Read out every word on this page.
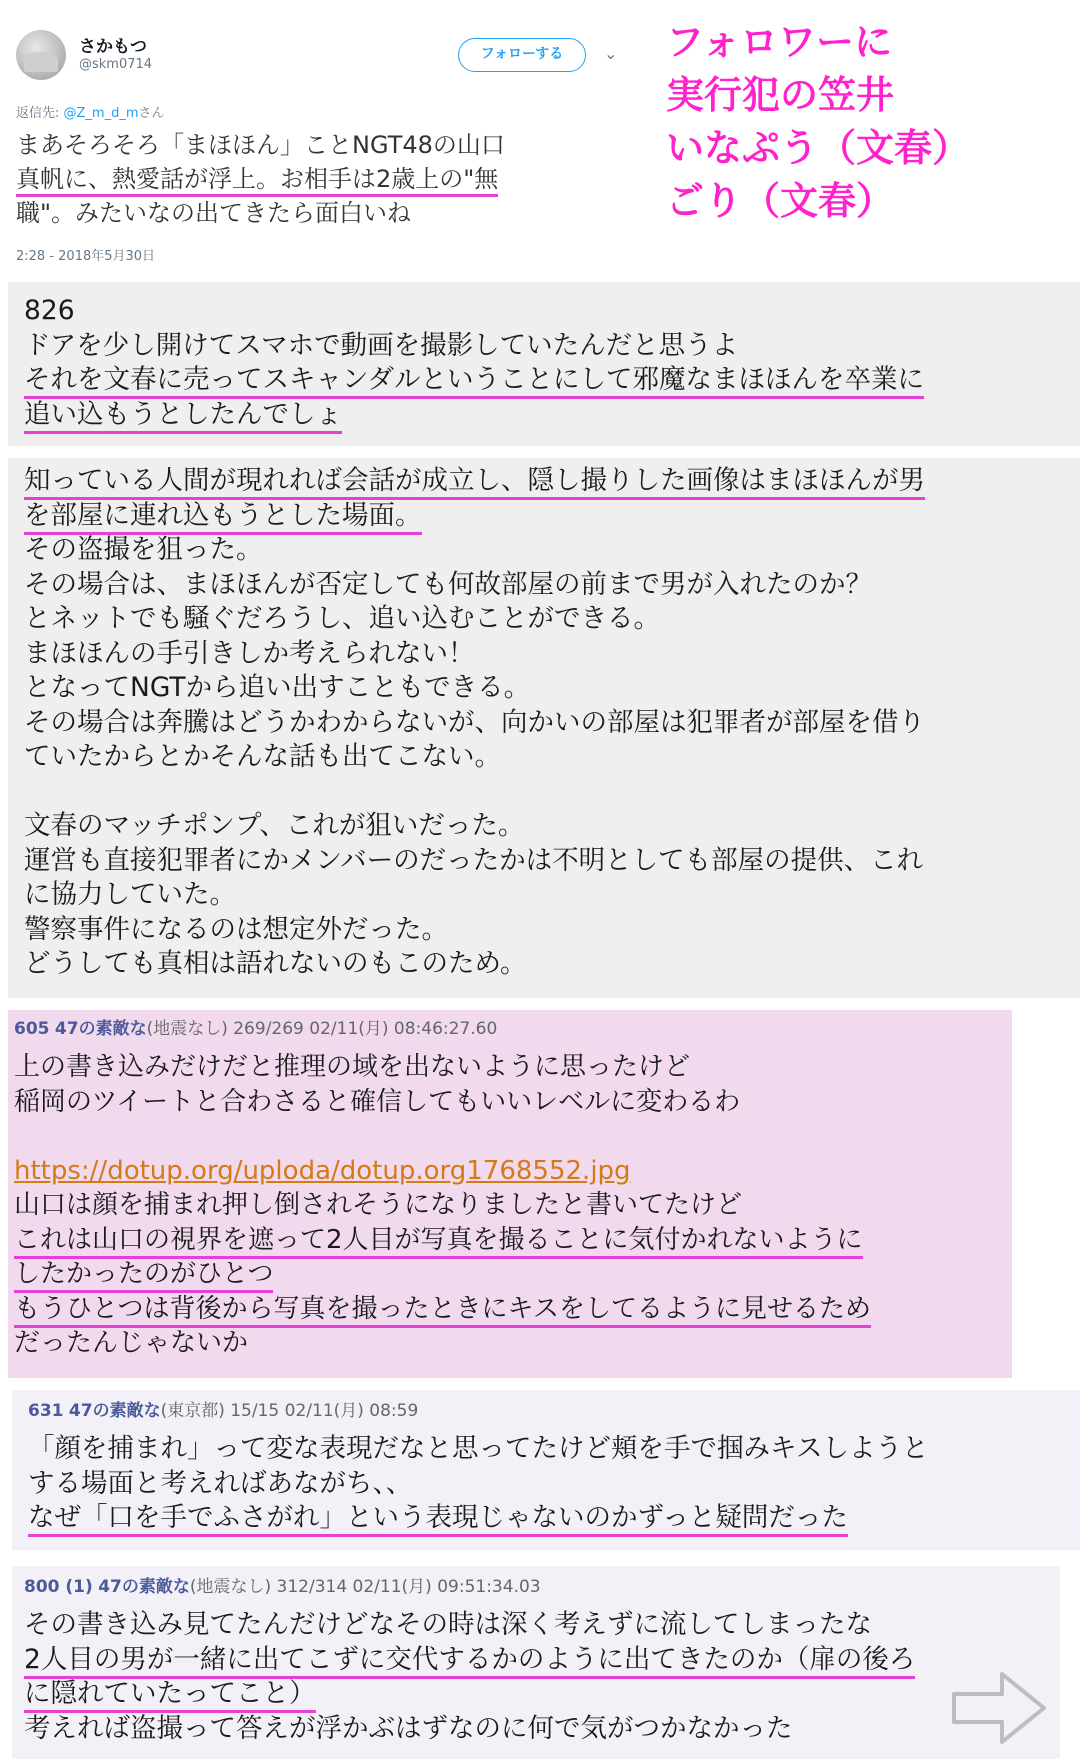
さかもつ
@skm0714
フォローする	⌄
返信先: @Z_m_d_mさん
まあそろそろ「まほほん」ことNGT48の山口
真帆に、熱愛話が浮上。お相手は2歳上の"無
職"。みたいなの出てきたら面白いね
2:28 - 2018年5月30日
フォロワーに
実行犯の笠井
いなぷう（文春）
ごり（文春）
826
ドアを少し開けてスマホで動画を撮影していたんだと思うよ
それを文春に売ってスキャンダルということにして邪魔なまほほんを卒業に
追い込もうとしたんでしょ
知っている人間が現れれば会話が成立し、隠し撮りした画像はまほほんが男
を部屋に連れ込もうとした場面。
その盗撮を狙った。
その場合は、まほほんが否定しても何故部屋の前まで男が入れたのか？
とネットでも騒ぐだろうし、追い込むことができる。
まほほんの手引きしか考えられない！
となってNGTから追い出すこともできる。
その場合は奔騰はどうかわからないが、向かいの部屋は犯罪者が部屋を借り
ていたからとかそんな話も出てこない。
文春のマッチポンプ、これが狙いだった。
運営も直接犯罪者にかメンバーのだったかは不明としても部屋の提供、これ
に協力していた。
警察事件になるのは想定外だった。
どうしても真相は語れないのもこのため。
605 47の素敵な(地震なし) 269/269 02/11(月) 08:46:27.60
上の書き込みだけだと推理の域を出ないように思ったけど
稲岡のツイートと合わさると確信してもいいレベルに変わるわ
https://dotup.org/uploda/dotup.org1768552.jpg
山口は顔を捕まれ押し倒されそうになりましたと書いてたけど
これは山口の視界を遮って2人目が写真を撮ることに気付かれないように
したかったのがひとつ
もうひとつは背後から写真を撮ったときにキスをしてるように見せるため
だったんじゃないか
631 47の素敵な(東京都) 15/15 02/11(月) 08:59
「顔を捕まれ」って変な表現だなと思ってたけど頬を手で掴みキスしようと
する場面と考えればあながち、、
なぜ「口を手でふさがれ」という表現じゃないのかずっと疑問だった
800 (1) 47の素敵な(地震なし) 312/314 02/11(月) 09:51:34.03
その書き込み見てたんだけどなその時は深く考えずに流してしまったな
2人目の男が一緒に出てこずに交代するかのように出てきたのか（扉の後ろ
に隠れていたってこと）
考えれば盗撮って答えが浮かぶはずなのに何で気がつかなかった
